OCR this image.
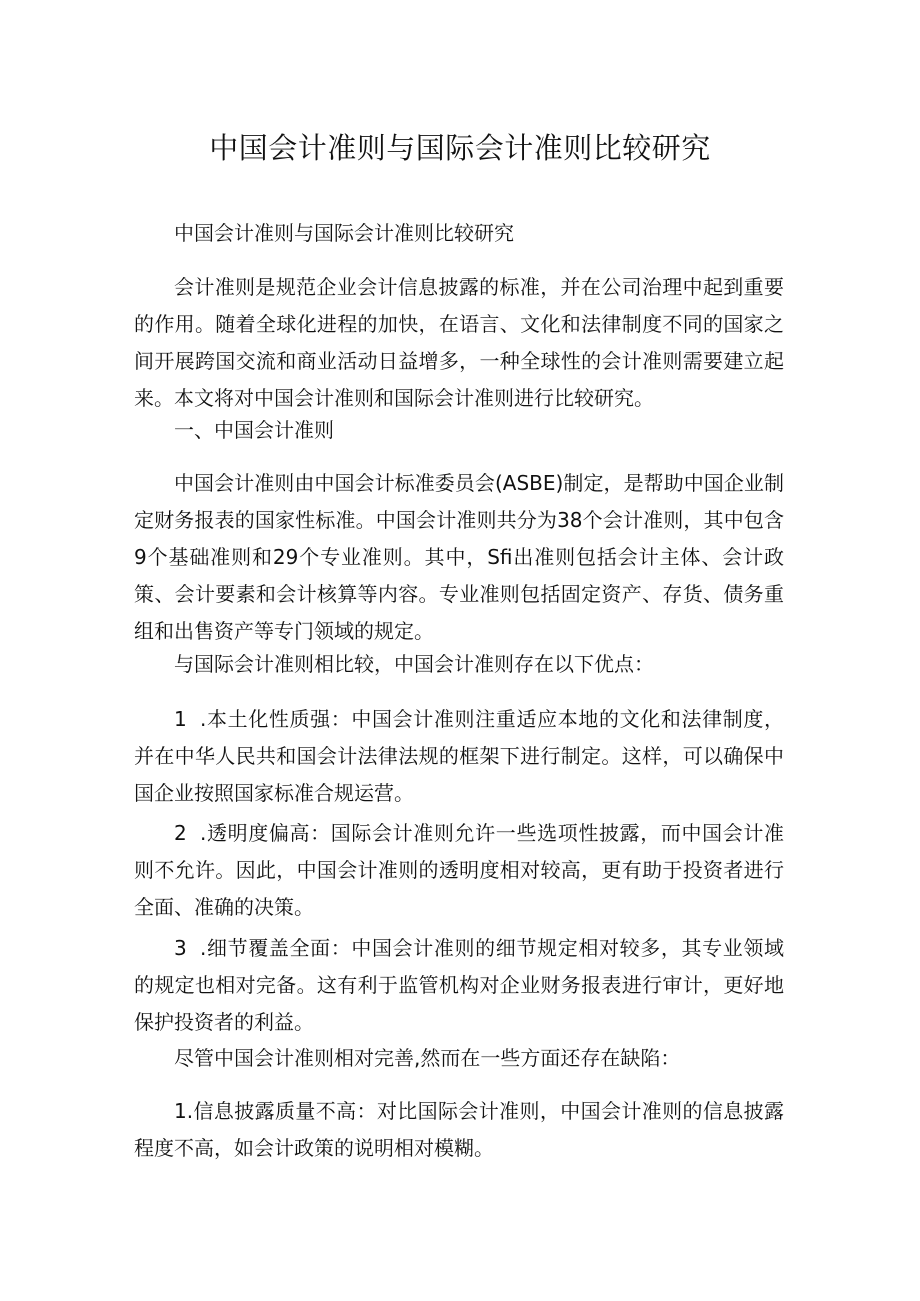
中国会计准则与国际会计准则比较研究

中国会计准则与国际会计准则比较研究

会计准则是规范企业会计信息披露的标准，并在公司治理中起到重要的作用。随着全球化进程的加快，在语言、文化和法律制度不同的国家之间开展跨国交流和商业活动日益增多，一种全球性的会计准则需要建立起来。本文将对中国会计准则和国际会计准则进行比较研究。

一、中国会计准则

中国会计准则由中国会计标准委员会(ASBE)制定，是帮助中国企业制定财务报表的国家性标准。中国会计准则共分为38个会计准则，其中包含9个基础准则和29个专业准则。其中，Sfi出准则包括会计主体、会计政策、会计要素和会计核算等内容。专业准则包括固定资产、存货、债务重组和出售资产等专门领域的规定。

与国际会计准则相比较，中国会计准则存在以下优点：

1 .本土化性质强：中国会计准则注重适应本地的文化和法律制度，并在中华人民共和国会计法律法规的框架下进行制定。这样，可以确保中国企业按照国家标准合规运营。

2 .透明度偏高：国际会计准则允许一些选项性披露，而中国会计准则不允许。因此，中国会计准则的透明度相对较高，更有助于投资者进行全面、准确的决策。

3 .细节覆盖全面：中国会计准则的细节规定相对较多，其专业领域的规定也相对完备。这有利于监管机构对企业财务报表进行审计，更好地保护投资者的利益。

尽管中国会计准则相对完善,然而在一些方面还存在缺陷：

1.信息披露质量不高：对比国际会计准则，中国会计准则的信息披露程度不高，如会计政策的说明相对模糊。
